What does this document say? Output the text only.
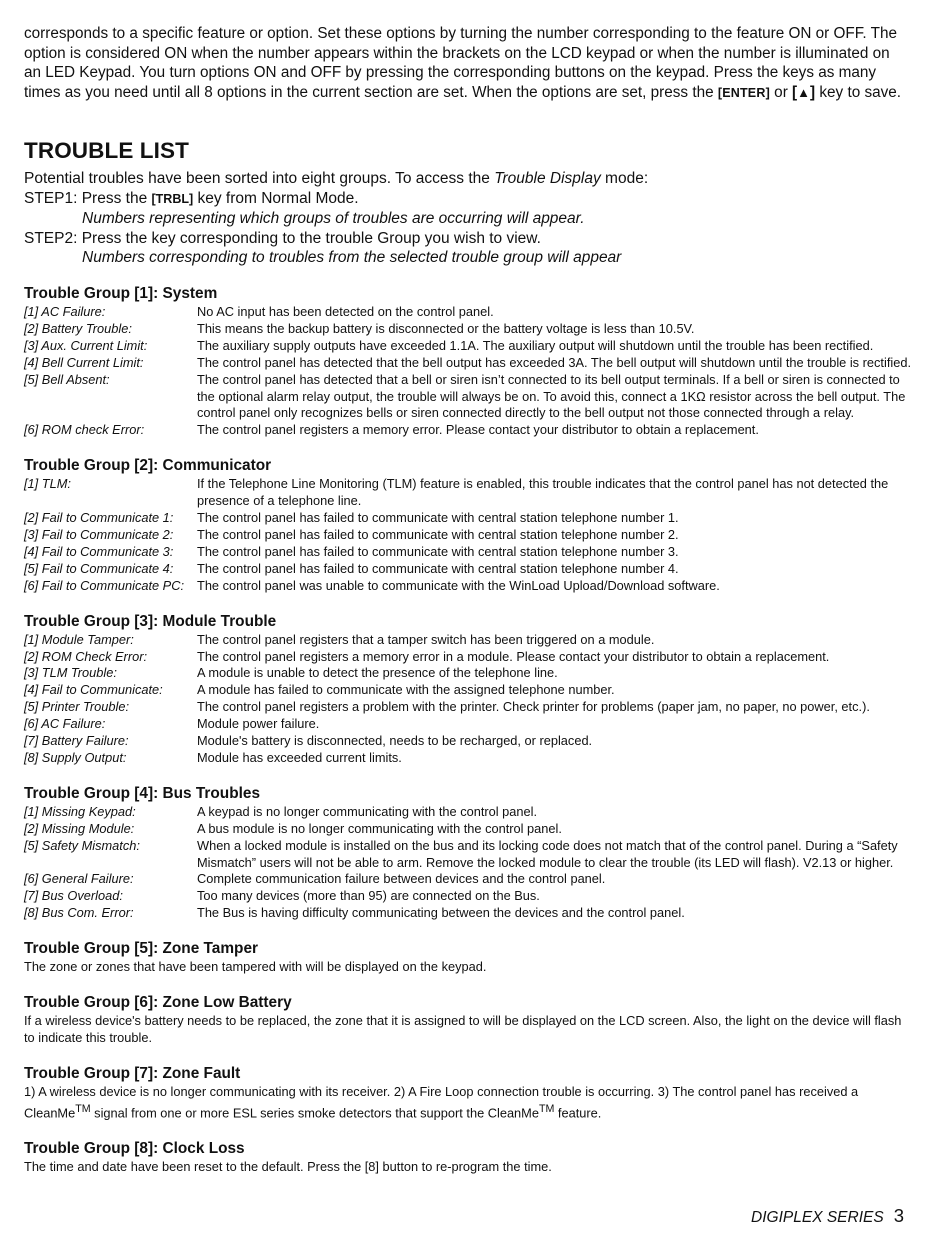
corresponds to a specific feature or option. Set these options by turning the number corresponding to the feature ON or OFF. The option is considered ON when the number appears within the brackets on the LCD keypad or when the number is illuminated on an LED Keypad. You turn options ON and OFF by pressing the corresponding buttons on the keypad. Press the keys as many times as you need until all 8 options in the current section are set. When the options are set, press the [ENTER] or [▲] key to save.

TROUBLE LIST

Potential troubles have been sorted into eight groups. To access the Trouble Display mode:

STEP1: Press the [TRBL] key from Normal Mode.

Numbers representing which groups of troubles are occurring will appear.

STEP2: Press the key corresponding to the trouble Group you wish to view.

Numbers corresponding to troubles from the selected trouble group will appear

Trouble Group [1]: System
[1] AC Failure:	No AC input has been detected on the control panel.
[2] Battery Trouble:	This means the backup battery is disconnected or the battery voltage is less than 10.5V.
[3] Aux. Current Limit:	The auxiliary supply outputs have exceeded 1.1A. The auxiliary output will shutdown until the trouble has been rectified.
[4] Bell Current Limit:	The control panel has detected that the bell output has exceeded 3A. The bell output will shutdown until the trouble is rectified.
[5] Bell Absent:	The control panel has detected that a bell or siren isn’t connected to its bell output terminals. If a bell or siren is connected to the optional alarm relay output, the trouble will always be on. To avoid this, connect a 1KΩ resistor across the bell output. The control panel only recognizes bells or siren connected directly to the bell output not those connected through a relay.
[6] ROM check Error:	The control panel registers a memory error. Please contact your distributor to obtain a replacement.
Trouble Group [2]: Communicator
[1] TLM:	If the Telephone Line Monitoring (TLM) feature is enabled, this trouble indicates that the control panel has not detected the presence of a telephone line.
[2] Fail to Communicate 1:	The control panel has failed to communicate with central station telephone number 1.
[3] Fail to Communicate 2:	The control panel has failed to communicate with central station telephone number 2.
[4] Fail to Communicate 3:	The control panel has failed to communicate with central station telephone number 3.
[5] Fail to Communicate 4:	The control panel has failed to communicate with central station telephone number 4.
[6] Fail to Communicate PC:	The control panel was unable to communicate with the WinLoad Upload/Download software.
Trouble Group [3]: Module Trouble
[1] Module Tamper:	The control panel registers that a tamper switch has been triggered on a module.
[2] ROM Check Error:	The control panel registers a memory error in a module. Please contact your distributor to obtain a replacement.
[3] TLM Trouble:	A module is unable to detect the presence of the telephone line.
[4] Fail to Communicate:	A module has failed to communicate with the assigned telephone number.
[5] Printer Trouble:	The control panel registers a problem with the printer. Check printer for problems (paper jam, no paper, no power, etc.).
[6] AC Failure:	Module power failure.
[7] Battery Failure:	Module's battery is disconnected, needs to be recharged, or replaced.
[8] Supply Output:	Module has exceeded current limits.
Trouble Group [4]: Bus Troubles
[1] Missing Keypad:	A keypad is no longer communicating with the control panel.
[2] Missing Module:	A bus module is no longer communicating with the control panel.
[5] Safety Mismatch:	When a locked module is installed on the bus and its locking code does not match that of the control panel. During a “Safety Mismatch” users will not be able to arm. Remove the locked module to clear the trouble (its LED will flash). V2.13 or higher.
[6] General Failure:	Complete communication failure between devices and the control panel.
[7] Bus Overload:	Too many devices (more than 95) are connected on the Bus.
[8] Bus Com. Error:	The Bus is having difficulty communicating between the devices and the control panel.
Trouble Group [5]: Zone Tamper

The zone or zones that have been tampered with will be displayed on the keypad.

Trouble Group [6]: Zone Low Battery

If a wireless device's battery needs to be replaced, the zone that it is assigned to will be displayed on the LCD screen. Also, the light on the device will flash to indicate this trouble.

Trouble Group [7]: Zone Fault

1) A wireless device is no longer communicating with its receiver. 2) A Fire Loop connection trouble is occurring. 3) The control panel has received a CleanMe™ signal from one or more ESL series smoke detectors that support the CleanMe™ feature.

Trouble Group [8]: Clock Loss

The time and date have been reset to the default. Press the [8] button to re-program the time.

DIGIPLEX SERIES 3
